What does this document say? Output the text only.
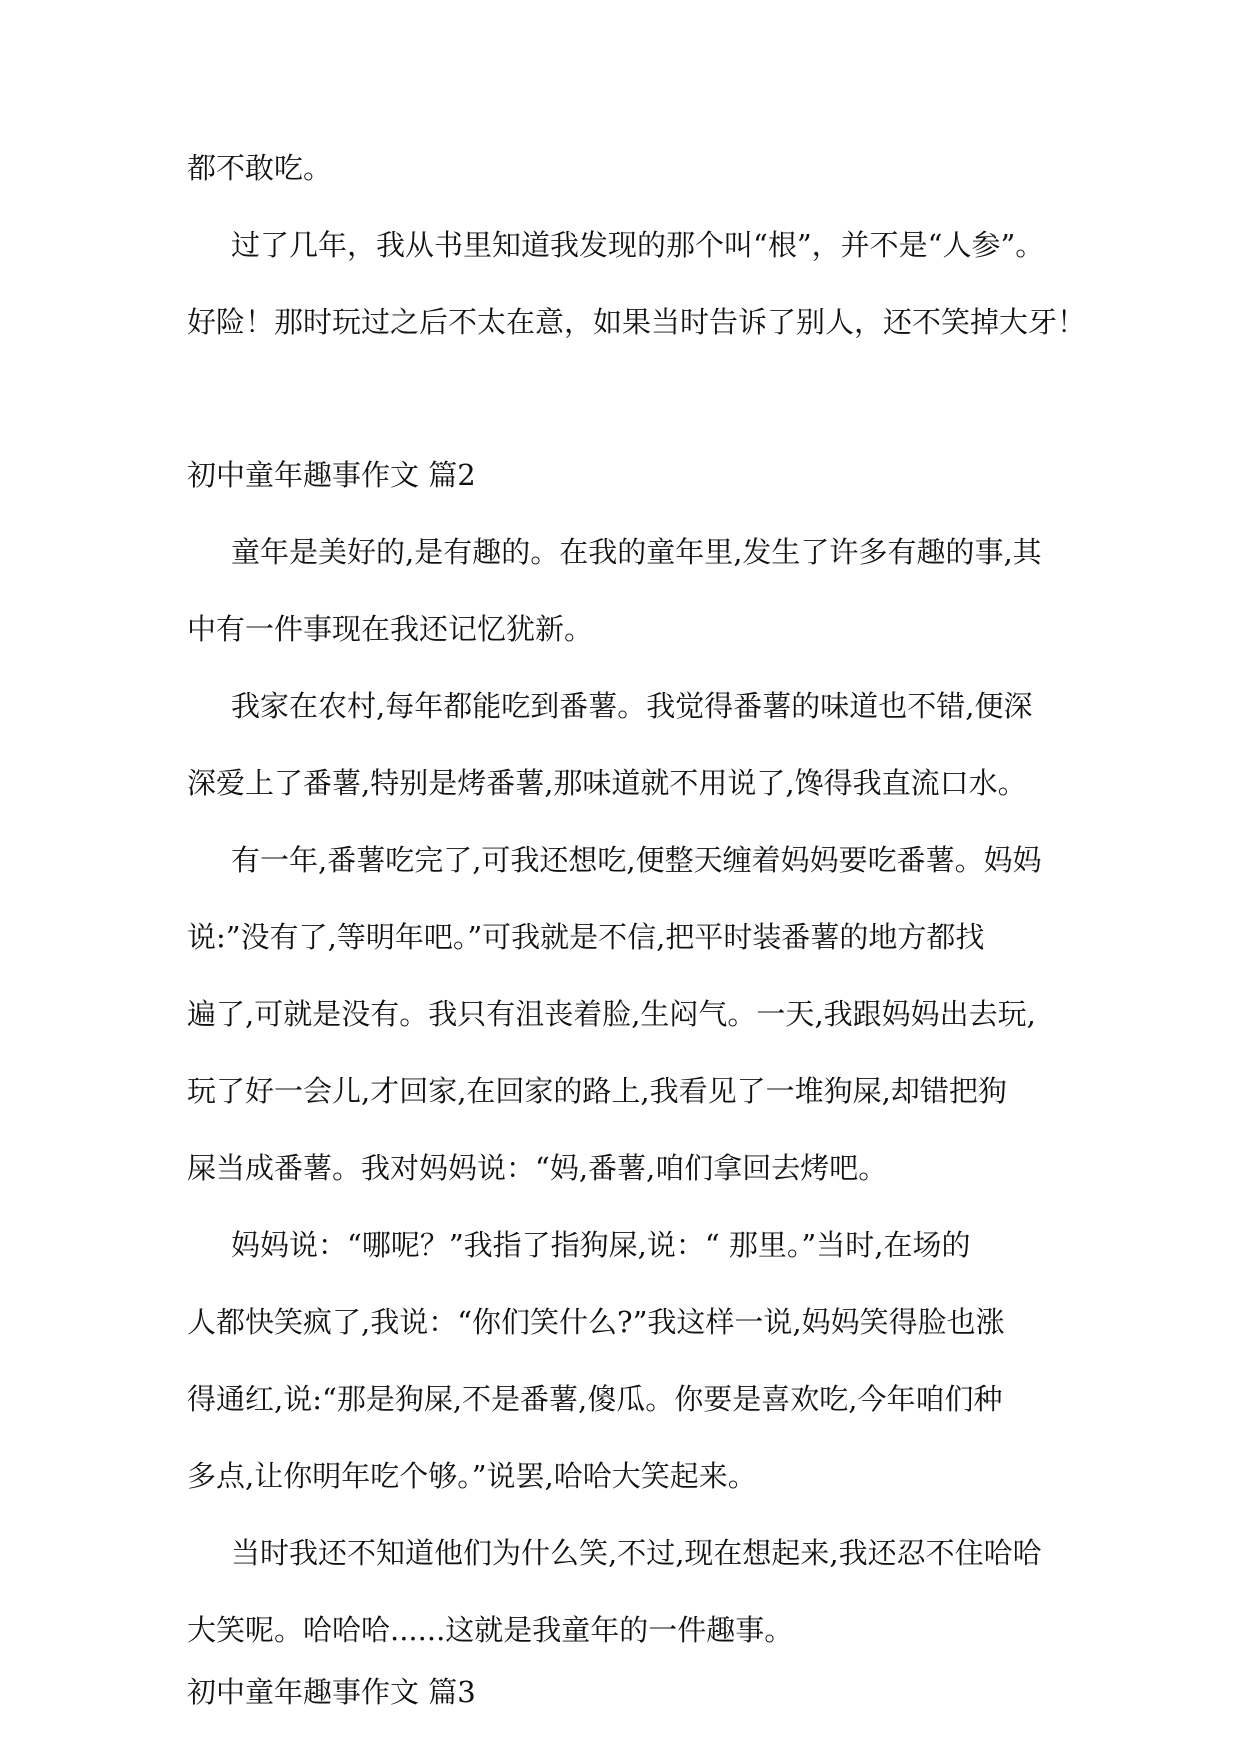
都不敢吃。
过了几年，我从书里知道我发现的那个叫“根”，并不是“人参”。
好险！那时玩过之后不太在意，如果当时告诉了别人，还不笑掉大牙！
初中童年趣事作文 篇2
童年是美好的,是有趣的。在我的童年里,发生了许多有趣的事,其
中有一件事现在我还记忆犹新。
我家在农村,每年都能吃到番薯。我觉得番薯的味道也不错,便深
深爱上了番薯,特别是烤番薯,那味道就不用说了,馋得我直流口水。
有一年,番薯吃完了,可我还想吃,便整天缠着妈妈要吃番薯。妈妈
说:”没有了,等明年吧。”可我就是不信,把平时装番薯的地方都找
遍了,可就是没有。我只有沮丧着脸,生闷气。一天,我跟妈妈出去玩,
玩了好一会儿,才回家,在回家的路上,我看见了一堆狗屎,却错把狗
屎当成番薯。我对妈妈说：“妈,番薯,咱们拿回去烤吧。
妈妈说：“哪呢？”我指了指狗屎,说：“ 那里。”当时,在场的
人都快笑疯了,我说：“你们笑什么?”我这样一说,妈妈笑得脸也涨
得通红,说:“那是狗屎,不是番薯,傻瓜。你要是喜欢吃,今年咱们种
多点,让你明年吃个够。”说罢,哈哈大笑起来。
当时我还不知道他们为什么笑,不过,现在想起来,我还忍不住哈哈
大笑呢。哈哈哈......这就是我童年的一件趣事。
初中童年趣事作文 篇3
